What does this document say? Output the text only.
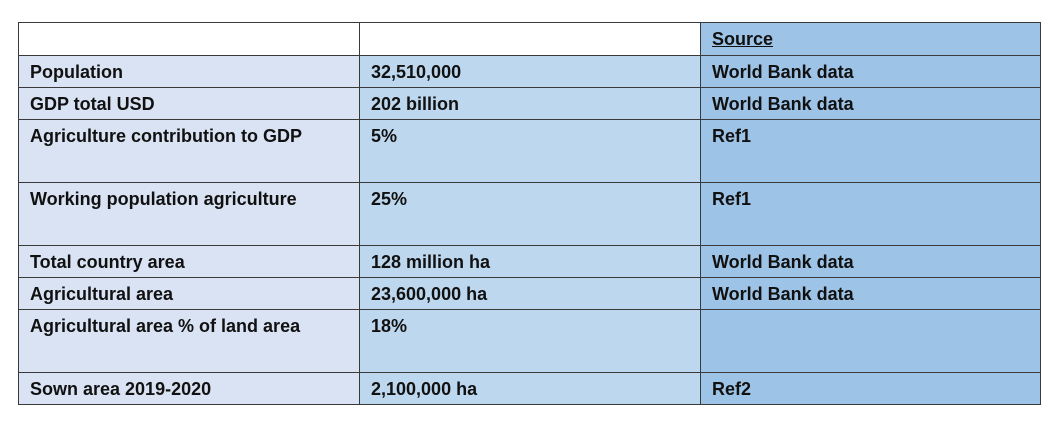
		Source
Population	32,510,000	World Bank data
GDP total USD	202 billion	World Bank data
Agriculture contribution to GDP	5%	Ref1
Working population agriculture	25%	Ref1
Total country area	128 million ha	World Bank data
Agricultural area	23,600,000 ha	World Bank data
Agricultural area % of land area	18%	
Sown area 2019-2020	2,100,000 ha	Ref2
